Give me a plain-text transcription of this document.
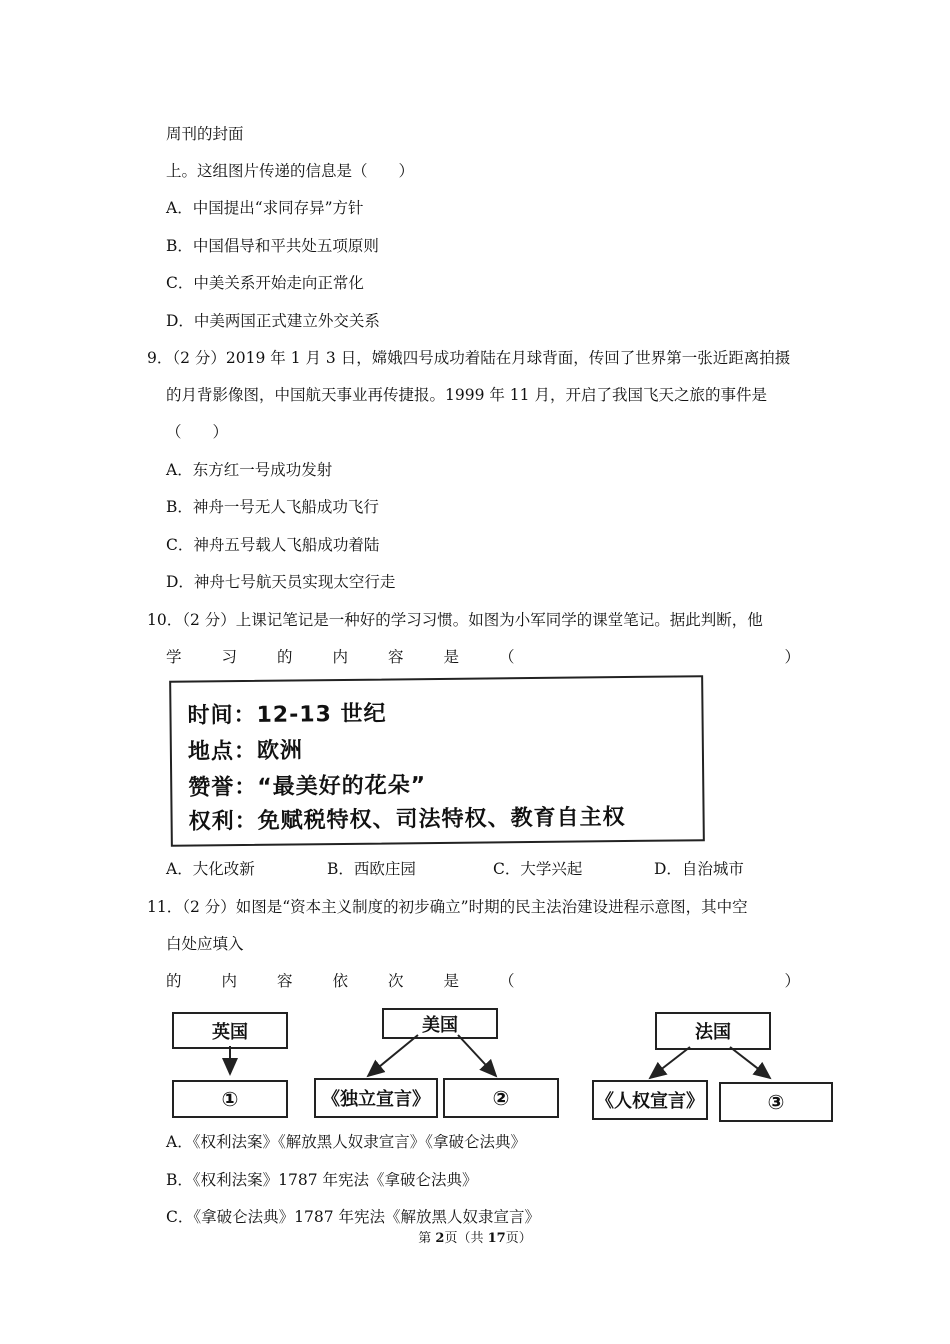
周刊的封面
上。这组图片传递的信息是（　　）
A．中国提出“求同存异”方针
B．中国倡导和平共处五项原则
C．中美关系开始走向正常化
D．中美两国正式建立外交关系
9．（2 分）2019 年 1 月 3 日，嫦娥四号成功着陆在月球背面，传回了世界第一张近距离拍摄
的月背影像图，中国航天事业再传捷报。1999 年 11 月，开启了我国飞天之旅的事件是
（　　）
A．东方红一号成功发射
B．神舟一号无人飞船成功飞行
C．神舟五号载人飞船成功着陆
D．神舟七号航天员实现太空行走
10．（2 分）上课记笔记是一种好的学习习惯。如图为小军同学的课堂笔记。据此判断，他
学	习	的	内	容	是	（	）
时间：12-13 世纪
地点：欧洲
赞誉：“最美好的花朵”
权利：免赋税特权、司法特权、教育自主权
A．大化改新	B．西欧庄园	C．大学兴起	D．自治城市
11．（2 分）如图是“资本主义制度的初步确立”时期的民主法治建设进程示意图，其中空
白处应填入
的	内	容	依	次	是	（	）
英国
①
美国
《独立宣言》	②
法国
《人权宣言》	③
A．《权利法案》《解放黑人奴隶宣言》《拿破仑法典》
B．《权利法案》1787 年宪法《拿破仑法典》
C．《拿破仑法典》1787 年宪法《解放黑人奴隶宣言》
第 2页（共 17页）
